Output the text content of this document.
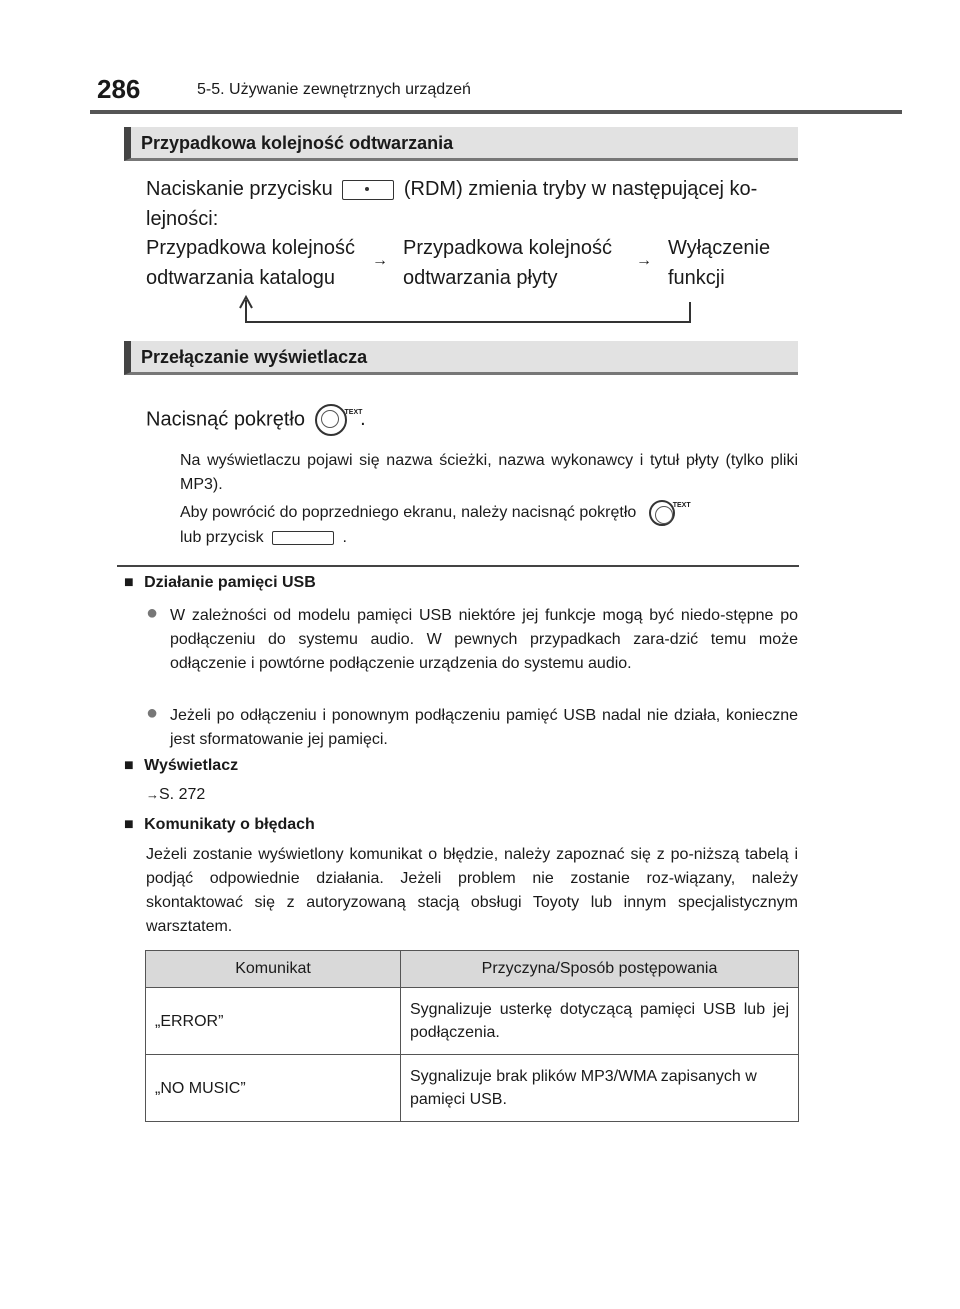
286	5-5. Używanie zewnętrznych urządzeń
Przypadkowa kolejność odtwarzania
Naciskanie przycisku	(RDM) zmienia tryby w następującej ko-
lejności:
Przypadkowa kolejność
odtwarzania katalogu
→
Przypadkowa kolejność
odtwarzania płyty
→
Wyłączenie
funkcji
Przełączanie wyświetlacza
Nacisnąć pokrętło	TEXT
.
Na wyświetlaczu pojawi się nazwa ścieżki, nazwa wykonawcy i tytuł płyty (tylko pliki MP3).
Aby powrócić do poprzedniego ekranu, należy nacisnąć pokrętło	TEXT

lub przycisk	.
■ Działanie pamięci USB
● W zależności od modelu pamięci USB niektóre jej funkcje mogą być niedo-stępne po podłączeniu do systemu audio. W pewnych przypadkach zara-dzić temu może odłączenie i powtórne podłączenie urządzenia do systemu audio.
● Jeżeli po odłączeniu i ponownym podłączeniu pamięć USB nadal nie działa, konieczne jest sformatowanie jej pamięci.
■ Wyświetlacz
→S. 272
■ Komunikaty o błędach
Jeżeli zostanie wyświetlony komunikat o błędzie, należy zapoznać się z po-niższą tabelą i podjąć odpowiednie działania. Jeżeli problem nie zostanie roz-wiązany, należy skontaktować się z autoryzowaną stacją obsługi Toyoty lub innym specjalistycznym warsztatem.
Komunikat	Przyczyna/Sposób postępowania
„ERROR”	Sygnalizuje usterkę dotyczącą pamięci USB lub jej podłączenia.
„NO MUSIC”	Sygnalizuje brak plików MP3/WMA zapisanych w pamięci USB.
